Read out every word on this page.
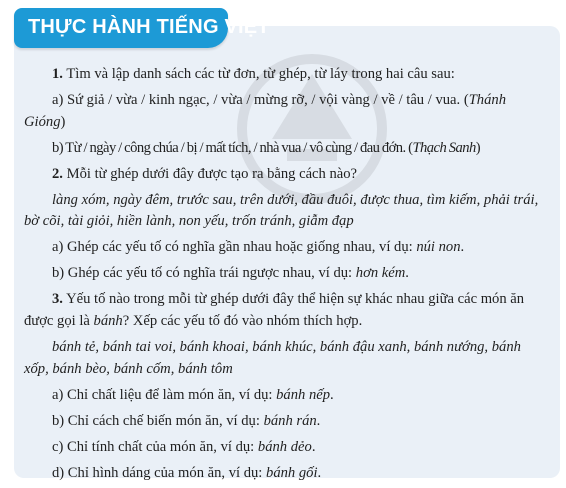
THỰC HÀNH TIẾNG VIỆT

1. Tìm và lập danh sách các từ đơn, từ ghép, từ láy trong hai câu sau:

a) Sứ giả / vừa / kinh ngạc, / vừa / mừng rỡ, / vội vàng / về / tâu / vua. (Thánh Gióng)

b) Từ / ngày / công chúa / bị / mất tích, / nhà vua / vô cùng / đau đớn. (Thạch Sanh)

2. Mỗi từ ghép dưới đây được tạo ra bằng cách nào?

làng xóm, ngày đêm, trước sau, trên dưới, đầu đuôi, được thua, tìm kiếm, phải trái, bờ cõi, tài giỏi, hiền lành, non yếu, trốn tránh, giẫm đạp

a) Ghép các yếu tố có nghĩa gần nhau hoặc giống nhau, ví dụ: núi non.

b) Ghép các yếu tố có nghĩa trái ngược nhau, ví dụ: hơn kém.

3. Yếu tố nào trong mỗi từ ghép dưới đây thể hiện sự khác nhau giữa các món ăn được gọi là bánh? Xếp các yếu tố đó vào nhóm thích hợp.

bánh tẻ, bánh tai voi, bánh khoai, bánh khúc, bánh đậu xanh, bánh nướng, bánh xốp, bánh bèo, bánh cốm, bánh tôm

a) Chỉ chất liệu để làm món ăn, ví dụ: bánh nếp.

b) Chỉ cách chế biến món ăn, ví dụ: bánh rán.

c) Chỉ tính chất của món ăn, ví dụ: bánh dẻo.

d) Chỉ hình dáng của món ăn, ví dụ: bánh gối.
